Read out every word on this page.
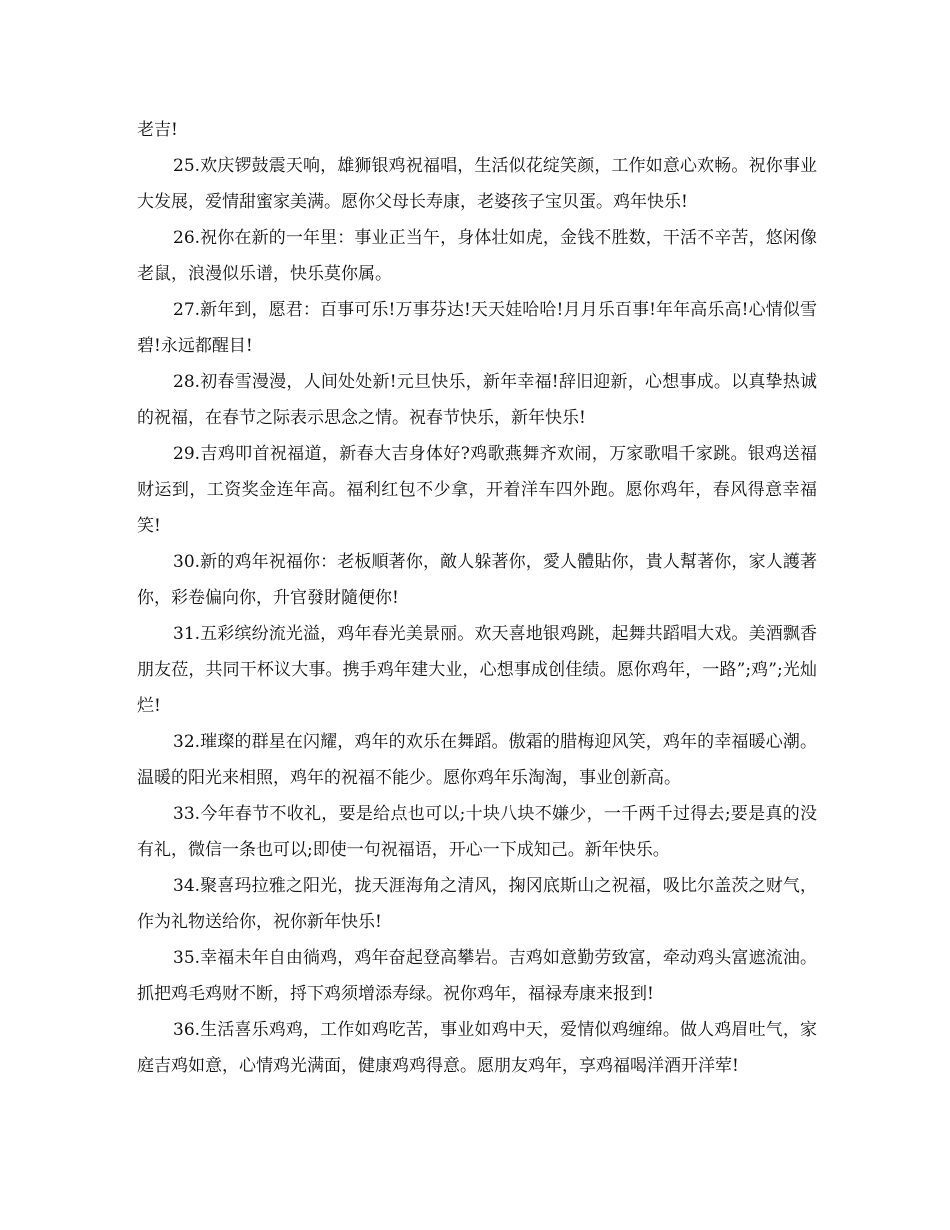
老吉!

25.欢庆锣鼓震天响，雄狮银鸡祝福唱，生活似花绽笑颜，工作如意心欢畅。祝你事业大发展，爱情甜蜜家美满。愿你父母长寿康，老婆孩子宝贝蛋。鸡年快乐!

26.祝你在新的一年里：事业正当午，身体壮如虎，金钱不胜数，干活不辛苦，悠闲像老鼠，浪漫似乐谱，快乐莫你属。

27.新年到，愿君：百事可乐!万事芬达!天天娃哈哈!月月乐百事!年年高乐高!心情似雪碧!永远都醒目!

28.初春雪漫漫，人间处处新!元旦快乐，新年幸福!辞旧迎新，心想事成。以真挚热诚的祝福，在春节之际表示思念之情。祝春节快乐，新年快乐!

29.吉鸡叩首祝福道，新春大吉身体好?鸡歌燕舞齐欢闹，万家歌唱千家跳。银鸡送福财运到，工资奖金连年高。福利红包不少拿，开着洋车四外跑。愿你鸡年，春风得意幸福笑!

30.新的鸡年祝福你：老板順著你，敵人躲著你，愛人體貼你，貴人幫著你，家人護著你，彩卷偏向你，升官發財隨便你!

31.五彩缤纷流光溢，鸡年春光美景丽。欢天喜地银鸡跳，起舞共蹈唱大戏。美酒飘香朋友莅，共同干杯议大事。携手鸡年建大业，心想事成创佳绩。愿你鸡年，一路”;鸡”;光灿烂!

32.璀璨的群星在闪耀，鸡年的欢乐在舞蹈。傲霜的腊梅迎风笑，鸡年的幸福暖心潮。温暖的阳光来相照，鸡年的祝福不能少。愿你鸡年乐淘淘，事业创新高。

33.今年春节不收礼，要是给点也可以;十块八块不嫌少，一千两千过得去;要是真的没有礼，微信一条也可以;即使一句祝福语，开心一下成知己。新年快乐。

34.聚喜玛拉雅之阳光，拢天涯海角之清风，掬冈底斯山之祝福，吸比尔盖茨之财气，作为礼物送给你，祝你新年快乐!

35.幸福未年自由徜鸡，鸡年奋起登高攀岩。吉鸡如意勤劳致富，牵动鸡头富遮流油。抓把鸡毛鸡财不断，捋下鸡须增添寿绿。祝你鸡年，福禄寿康来报到!

36.生活喜乐鸡鸡，工作如鸡吃苦，事业如鸡中天，爱情似鸡缠绵。做人鸡眉吐气，家庭吉鸡如意，心情鸡光满面，健康鸡鸡得意。愿朋友鸡年，享鸡福喝洋酒开洋荤!
